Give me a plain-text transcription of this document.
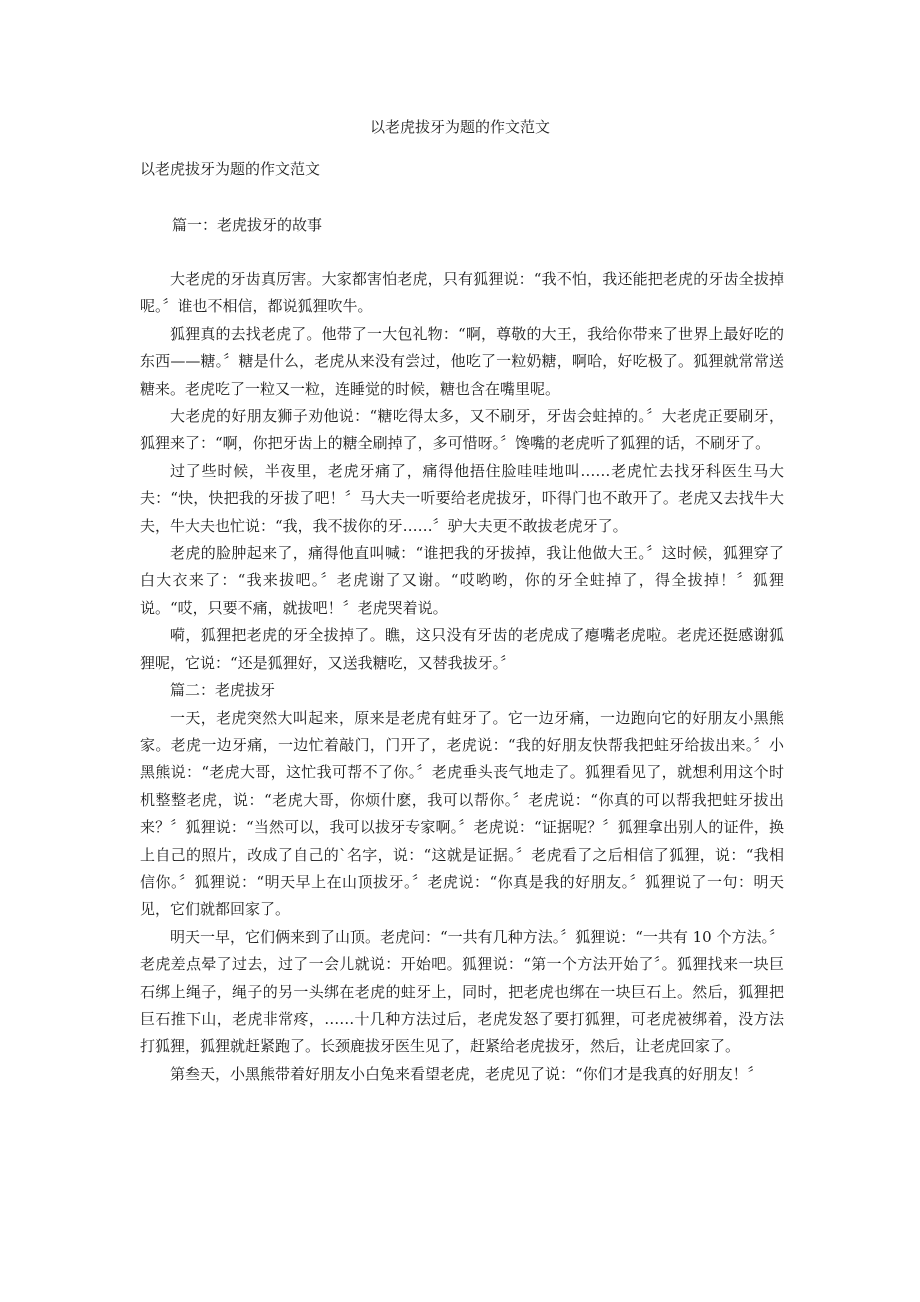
以老虎拔牙为题的作文范文
以老虎拔牙为题的作文范文
篇一：老虎拔牙的故事

大老虎的牙齿真厉害。大家都害怕老虎，只有狐狸说：“我不怕，我还能把老虎的牙齿全拔掉呢。〞谁也不相信，都说狐狸吹牛。

狐狸真的去找老虎了。他带了一大包礼物：“啊，尊敬的大王，我给你带来了世界上最好吃的东西——糖。〞糖是什么，老虎从来没有尝过，他吃了一粒奶糖，啊哈，好吃极了。狐狸就常常送糖来。老虎吃了一粒又一粒，连睡觉的时候，糖也含在嘴里呢。

大老虎的好朋友狮子劝他说：“糖吃得太多，又不刷牙，牙齿会蛀掉的。〞大老虎正要刷牙，狐狸来了：“啊，你把牙齿上的糖全刷掉了，多可惜呀。〞馋嘴的老虎听了狐狸的话，不刷牙了。

过了些时候，半夜里，老虎牙痛了，痛得他捂住脸哇哇地叫……老虎忙去找牙科医生马大夫：“快，快把我的牙拔了吧！〞马大夫一听要给老虎拔牙，吓得门也不敢开了。老虎又去找牛大夫，牛大夫也忙说：“我，我不拔你的牙……〞驴大夫更不敢拔老虎牙了。

老虎的脸肿起来了，痛得他直叫喊：“谁把我的牙拔掉，我让他做大王。〞这时候，狐狸穿了白大衣来了：“我来拔吧。〞老虎谢了又谢。“哎哟哟，你的牙全蛀掉了，得全拔掉！〞狐狸说。“哎，只要不痛，就拔吧！〞老虎哭着说。

嗬，狐狸把老虎的牙全拔掉了。瞧，这只没有牙齿的老虎成了瘪嘴老虎啦。老虎还挺感谢狐狸呢，它说：“还是狐狸好，又送我糖吃，又替我拔牙。〞

篇二：老虎拔牙

一天，老虎突然大叫起来，原来是老虎有蛀牙了。它一边牙痛，一边跑向它的好朋友小黑熊家。老虎一边牙痛，一边忙着敲门，门开了，老虎说：“我的好朋友快帮我把蛀牙给拔出来。〞小黑熊说：“老虎大哥，这忙我可帮不了你。〞老虎垂头丧气地走了。狐狸看见了，就想利用这个时机整整老虎，说：“老虎大哥，你烦什麽，我可以帮你。〞老虎说：“你真的可以帮我把蛀牙拔出来？〞狐狸说：“当然可以，我可以拔牙专家啊。〞老虎说：“证据呢？〞狐狸拿出别人的证件，换上自己的照片，改成了自己的`名字，说：“这就是证据。〞老虎看了之后相信了狐狸，说：“我相信你。〞狐狸说：“明天早上在山顶拔牙。〞老虎说：“你真是我的好朋友。〞狐狸说了一句：明天见，它们就都回家了。

明天一早，它们俩来到了山顶。老虎问：“一共有几种方法。〞狐狸说：“一共有 10 个方法。〞老虎差点晕了过去，过了一会儿就说：开始吧。狐狸说：“第一个方法开始了〞。狐狸找来一块巨石绑上绳子，绳子的另一头绑在老虎的蛀牙上，同时，把老虎也绑在一块巨石上。然后，狐狸把巨石推下山，老虎非常疼，……十几种方法过后，老虎发怒了要打狐狸，可老虎被绑着，没方法打狐狸，狐狸就赶紧跑了。长颈鹿拔牙医生见了，赶紧给老虎拔牙，然后，让老虎回家了。

第叁天，小黑熊带着好朋友小白兔来看望老虎，老虎见了说：“你们才是我真的好朋友！〞
